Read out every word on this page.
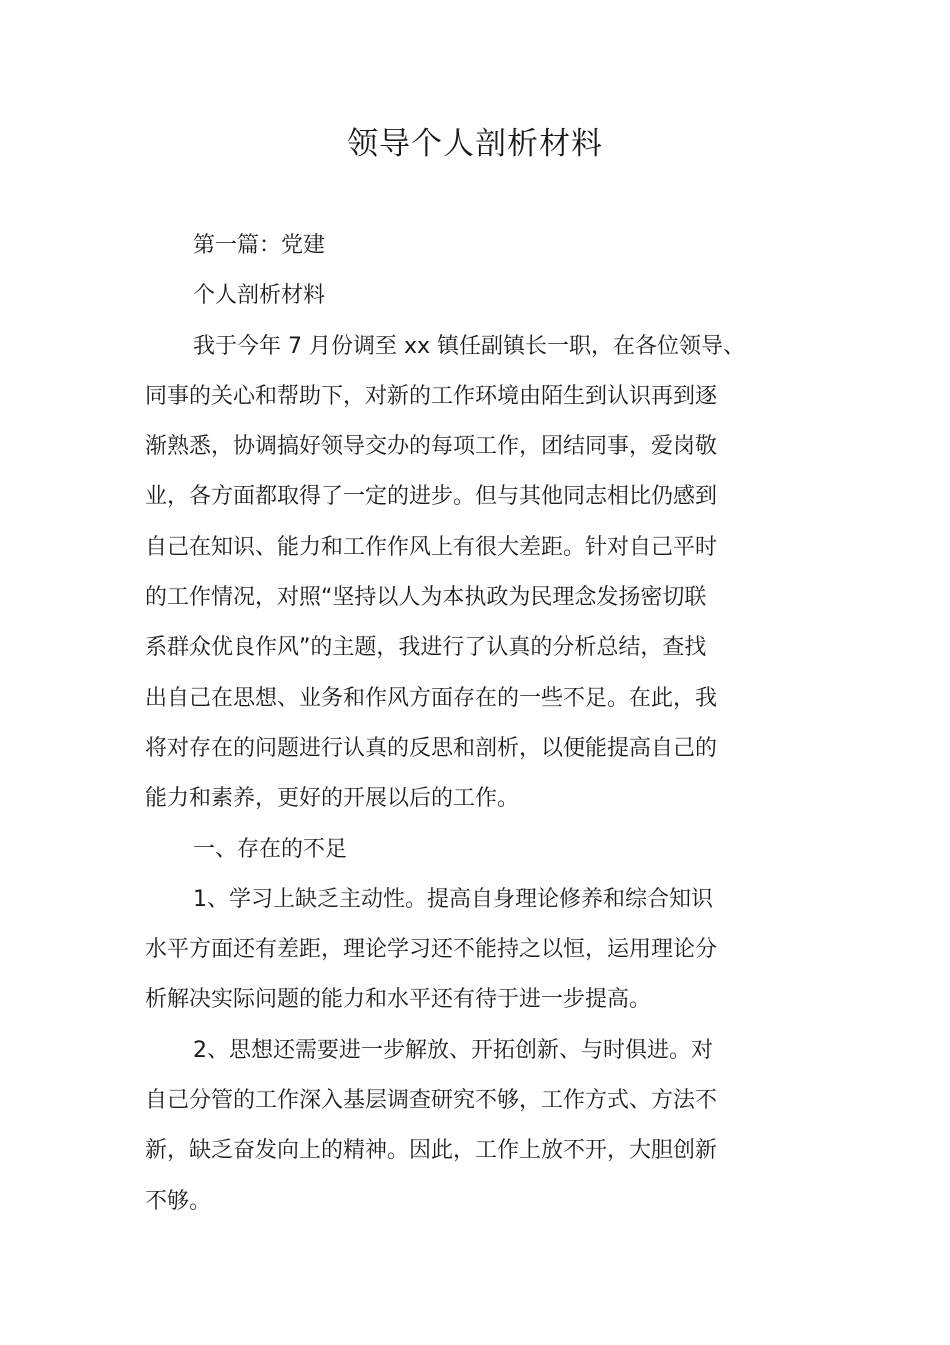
领导个人剖析材料

第一篇：党建

个人剖析材料

我于今年 7 月份调至 xx 镇任副镇长一职，在各位领导、

同事的关心和帮助下，对新的工作环境由陌生到认识再到逐

渐熟悉，协调搞好领导交办的每项工作，团结同事，爱岗敬

业，各方面都取得了一定的进步。但与其他同志相比仍感到

自己在知识、能力和工作作风上有很大差距。针对自己平时

的工作情况，对照“坚持以人为本执政为民理念发扬密切联

系群众优良作风”的主题，我进行了认真的分析总结，查找

出自己在思想、业务和作风方面存在的一些不足。在此，我

将对存在的问题进行认真的反思和剖析，以便能提高自己的

能力和素养，更好的开展以后的工作。

一、存在的不足

1、学习上缺乏主动性。提高自身理论修养和综合知识

水平方面还有差距，理论学习还不能持之以恒，运用理论分

析解决实际问题的能力和水平还有待于进一步提高。

2、思想还需要进一步解放、开拓创新、与时俱进。对

自己分管的工作深入基层调查研究不够，工作方式、方法不

新，缺乏奋发向上的精神。因此，工作上放不开，大胆创新

不够。
